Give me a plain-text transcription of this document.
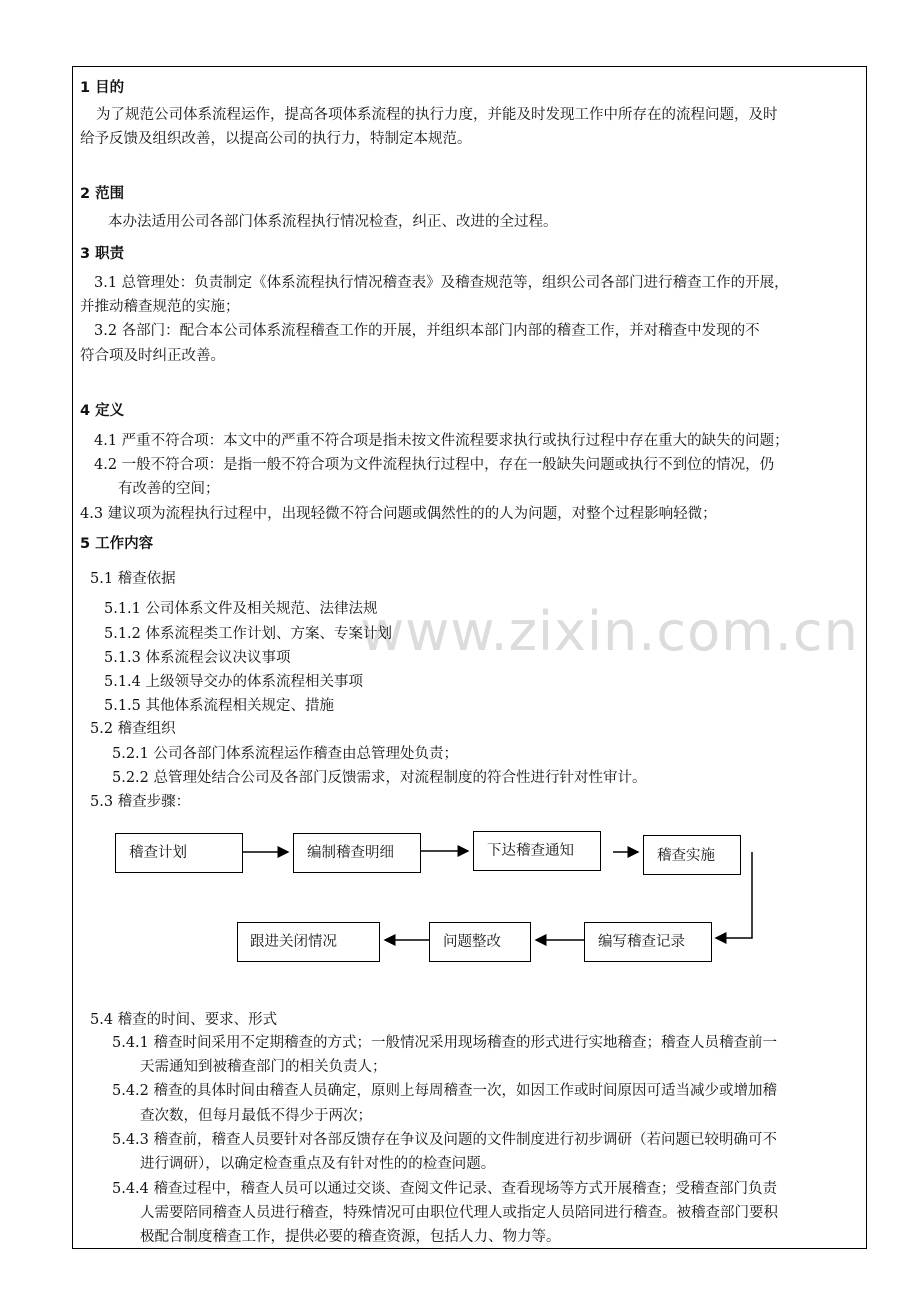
www.zixin.com.cn
1 目的
为了规范公司体系流程运作，提高各项体系流程的执行力度，并能及时发现工作中所存在的流程问题，及时
给予反馈及组织改善，以提高公司的执行力，特制定本规范。
2 范围
本办法适用公司各部门体系流程执行情况检查，纠正、改进的全过程。
3 职责
3.1 总管理处：负责制定《体系流程执行情况稽查表》及稽查规范等，组织公司各部门进行稽查工作的开展，
并推动稽查规范的实施；
3.2 各部门：配合本公司体系流程稽查工作的开展，并组织本部门内部的稽查工作，并对稽查中发现的不
符合项及时纠正改善。
4 定义
4.1 严重不符合项：本文中的严重不符合项是指未按文件流程要求执行或执行过程中存在重大的缺失的问题；
4.2 一般不符合项：是指一般不符合项为文件流程执行过程中，存在一般缺失问题或执行不到位的情况，仍
有改善的空间；
4.3 建议项为流程执行过程中，出现轻微不符合问题或偶然性的的人为问题，对整个过程影响轻微；
5 工作内容
5.1 稽查依据
5.1.1 公司体系文件及相关规范、法律法规
5.1.2 体系流程类工作计划、方案、专案计划
5.1.3 体系流程会议决议事项
5.1.4 上级领导交办的体系流程相关事项
5.1.5 其他体系流程相关规定、措施
5.2 稽查组织
5.2.1 公司各部门体系流程运作稽查由总管理处负责；
5.2.2 总管理处结合公司及各部门反馈需求，对流程制度的符合性进行针对性审计。
5.3 稽查步骤：
稽查计划	编制稽查明细	下达稽查通知	稽查实施
编写稽查记录
问题整改
跟进关闭情况
5.4 稽查的时间、要求、形式
5.4.1 稽查时间采用不定期稽查的方式；一般情况采用现场稽查的形式进行实地稽查；稽查人员稽查前一
天需通知到被稽查部门的相关负责人；
5.4.2 稽查的具体时间由稽查人员确定，原则上每周稽查一次，如因工作或时间原因可适当减少或增加稽
查次数，但每月最低不得少于两次；
5.4.3 稽查前，稽查人员要针对各部反馈存在争议及问题的文件制度进行初步调研（若问题已较明确可不
进行调研），以确定检查重点及有针对性的的检查问题。
5.4.4 稽查过程中，稽查人员可以通过交谈、查阅文件记录、查看现场等方式开展稽查；受稽查部门负责
人需要陪同稽查人员进行稽查，特殊情况可由职位代理人或指定人员陪同进行稽查。被稽查部门要积
极配合制度稽查工作，提供必要的稽查资源，包括人力、物力等。
